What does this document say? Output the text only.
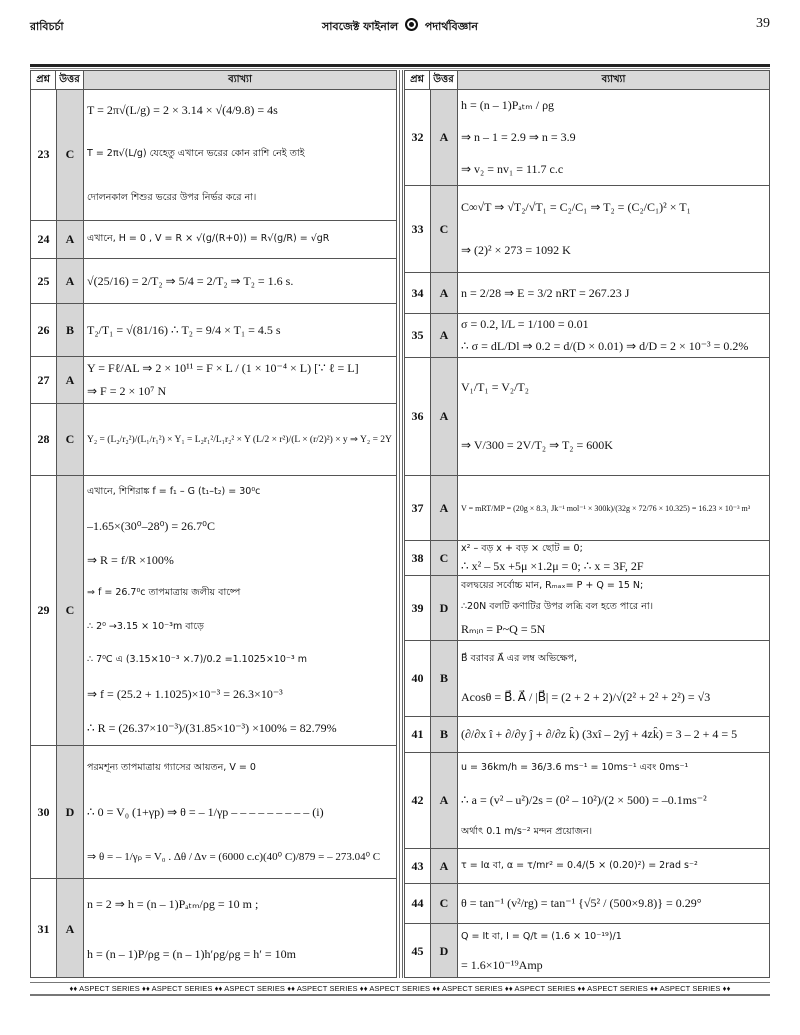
রাবিচর্চা	সাবজেক্ট ফাইনাল পদার্থবিজ্ঞান	39
প্রশ্ন উত্তর	ব্যাখ্যা
23	C
T = 2π√(L/g) = 2 × 3.14 × √(4/9.8) = 4s
T = 2π√(L/g) যেহেতু এখানে ভরের কোন রাশি নেই তাই
দোলনকাল শিশুর ভরের উপর নির্ভর করে না।
24	A	এখানে, H = 0 , V = R × √(g/(R+0)) = R√(g/R) = √gR
25	A	√(25/16) = 2/T₂ ⇒ 5/4 = 2/T₂ ⇒ T₂ = 1.6 s.
26	B	T₂/T₁ = √(81/16) ∴ T₂ = 9/4 × T₁ = 4.5 s
27	A
Y = Fℓ/AL ⇒ 2 × 10¹¹ = F × L / (1 × 10⁻⁴ × L) [∵ ℓ = L]
⇒ F = 2 × 10⁷ N
28	C	Y₂ = (L₂/r₂²)/(L₁/r₁²) × Y₁ = L₂r₁²/L₁r₂² × Y (L/2 × r²)/(L × (r/2)²) × y ⇒ Y₂ = 2Y
29	C
এখানে, শিশিরাঙ্ক f = f₁ – G (t₁–t₂) = 30⁰c
–1.65×(30⁰–28⁰) = 26.7⁰C
⇒ R = f/R ×100%
⇒ f = 26.7⁰c তাপমাত্রায় জলীয় বাষ্পে
∴ 2⁰ →3.15 × 10⁻³m বাড়ে
∴ 7⁰C এ (3.15×10⁻³ ×.7)/0.2 =1.1025×10⁻³ m
⇒ f = (25.2 + 1.1025)×10⁻³ = 26.3×10⁻³
∴ R = (26.37×10⁻³)/(31.85×10⁻³) ×100% = 82.79%
30	D
পরমশূন্য তাপমাত্রায় গ্যাসের আয়তন, V = 0
∴ 0 = V₀ (1+γp) ⇒ θ = – 1/γp – – – – – – – – – (i)
⇒ θ = – 1/γₚ = V₀ . Δθ / Δv = (6000 c.c)(40⁰ C)/879 = – 273.04⁰ C
31	A
n = 2 ⇒ h = (n – 1)Pₐₜₘ/ρg = 10 m ;
h = (n – 1)P/ρg = (n – 1)h′ρg/ρg = h′ = 10m
প্রশ্ন উত্তর	ব্যাখ্যা
32	A
h = (n – 1)Pₐₜₘ / ρg
⇒ n – 1 = 2.9 ⇒ n = 3.9
⇒ v₂ = nv₁ = 11.7 c.c
33	C
C∞√T ⇒ √T₂/√T₁ = C₂/C₁ ⇒ T₂ = (C₂/C₁)² × T₁
⇒ (2)² × 273 = 1092 K
34	A	n = 2/28 ⇒ E = 3/2 nRT = 267.23 J
35	A
σ = 0.2, l/L = 1/100 = 0.01
∴ σ = dL/Dl ⇒ 0.2 = d/(D × 0.01) ⇒ d/D = 2 × 10⁻³ = 0.2%
36	A
V₁/T₁ = V₂/T₂
⇒ V/300 = 2V/T₂ ⇒ T₂ = 600K
37	A	V = mRT/MP = (20g × 8.3₁ Jk⁻¹ mol⁻¹ × 300k)/(32g × 72/76 × 10.325) = 16.23 × 10⁻³ m³
38	C
x² – বড় x + বড় × ছোট = 0;
∴ x² – 5x +5μ ×1.2μ = 0; ∴ x = 3F, 2F
39	D
বলদ্বয়ের সর্বোচ্চ মান, Rₘₐₓ= P + Q = 15 N;
∴20N বলটি কণাটির উপর লব্ধি বল হতে পারে না।
Rₘᵢₙ = P~Q = 5N
40	B
B⃗ বরাবর A⃗ এর লম্ব অভিক্ষেপ,
Acosθ = B⃗. A⃗ / |B⃗| = (2 + 2 + 2)/√(2² + 2² + 2²) = √3
41	B	(∂/∂x î + ∂/∂y ĵ + ∂/∂z k̂) (3xî – 2yĵ + 4zk̂) = 3 – 2 + 4 = 5
42	A
u = 36km/h = 36/3.6 ms⁻¹ = 10ms⁻¹ এবং 0ms⁻¹
∴ a = (v² – u²)/2s = (0² – 10²)/(2 × 500) = –0.1ms⁻²
অর্থাৎ 0.1 m/s⁻² মন্দন প্রয়োজন।
43	A	τ = Iα বা, α = τ/mr² = 0.4/(5 × (0.20)²) = 2rad s⁻²
44	C	θ = tan⁻¹ (v²/rg) = tan⁻¹ {√5² / (500×9.8)} = 0.29°
45	D
Q = It বা, I = Q/t = (1.6 × 10⁻¹⁹)/1
= 1.6×10⁻¹⁹Amp
♦♦ ASPECT SERIES ♦♦ ASPECT SERIES ♦♦ ASPECT SERIES ♦♦ ASPECT SERIES ♦♦ ASPECT SERIES ♦♦ ASPECT SERIES ♦♦ ASPECT SERIES ♦♦ ASPECT SERIES ♦♦ ASPECT SERIES ♦♦
